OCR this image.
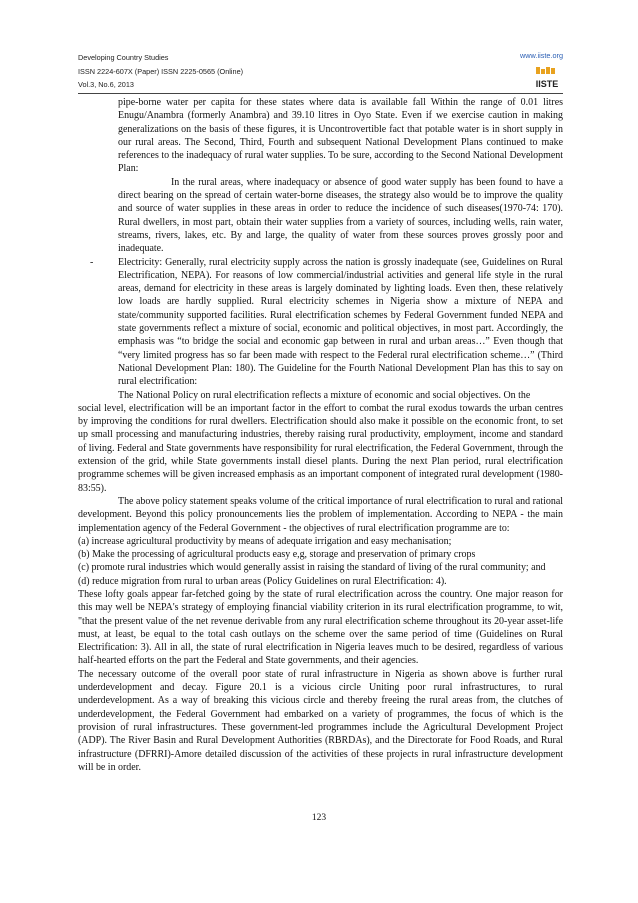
Developing Country Studies
ISSN 2224-607X (Paper) ISSN 2225-0565 (Online)
Vol.3, No.6, 2013
www.iiste.org
IISTE

pipe-borne water per capita for these states where data is available fall Within the range of 0.01 litres Enugu/Anambra (formerly Anambra) and 39.10 litres in Oyo State. Even if we exercise caution in making generalizations on the basis of these figures, it is Uncontrovertible fact that potable water is in short supply in our rural areas. The Second, Third, Fourth and subsequent National Development Plans continued to make references to the inadequacy of rural water supplies. To be sure, according to the Second National Development Plan:

In the rural areas, where inadequacy or absence of good water supply has been found to have a direct bearing on the spread of certain water-borne diseases, the strategy also would be to improve the quality and source of water supplies in these areas in order to reduce the incidence of such diseases(1970-74: 170). Rural dwellers, in most part, obtain their water supplies from a variety of sources, including wells, rain water, streams, rivers, lakes, etc. By and large, the quality of water from these sources proves grossly poor and inadequate.

- Electricity: Generally, rural electricity supply across the nation is grossly inadequate (see, Guidelines on Rural Electrification, NEPA). For reasons of low commercial/industrial activities and general life style in the rural areas, demand for electricity in these areas is largely dominated by lighting loads. Even then, these relatively low loads are hardly supplied. Rural electricity schemes in Nigeria show a mixture of NEPA and state/community supported facilities. Rural electrification schemes by Federal Government funded NEPA and state governments reflect a mixture of social, economic and political objectives, in most part. Accordingly, the emphasis was “to bridge the social and economic gap between in rural and urban areas…” Even though that “very limited progress has so far been made with respect to the Federal rural electrification scheme…” (Third National Development Plan: 180). The Guideline for the Fourth National Development Plan has this to say on rural electrification:

The National Policy on rural electrification reflects a mixture of economic and social objectives. On the

social level, electrification will be an important factor in the effort to combat the rural exodus towards the urban centres by improving the conditions for rural dwellers. Electrification should also make it possible on the economic front, to set up small processing and manufacturing industries, thereby raising rural productivity, employment, income and standard of living. Federal and State governments have responsibility for rural electrification, the Federal Government, through the extension of the grid, while State governments install diesel plants. During the next Plan period, rural electrification programme schemes will be given increased emphasis as an important component of integrated rural development (1980-83:55).

The above policy statement speaks volume of the critical importance of rural electrification to rural and rational development. Beyond this policy pronouncements lies the problem of implementation. According to NEPA - the main implementation agency of the Federal Government - the objectives of rural electrification programme are to:

(a) increase agricultural productivity by means of adequate irrigation and easy mechanisation;

(b) Make the processing of agricultural products easy e,g, storage and preservation of primary crops

(c) promote rural industries which would generally assist in raising the standard of living of the rural community; and

(d) reduce migration from rural to urban areas (Policy Guidelines on rural Electrification: 4).

These lofty goals appear far-fetched going by the state of rural electrification across the country. One major reason for this may well be NEPA's strategy of employing financial viability criterion in its rural electrification programme, to wit, "that the present value of the net revenue derivable from any rural electrification scheme throughout its 20-year asset-life must, at least, be equal to the total cash outlays on the scheme over the same period of time (Guidelines on Rural Electrification: 3). All in all, the state of rural electrification in Nigeria leaves much to be desired, regardless of various half-hearted efforts on the part the Federal and State governments, and their agencies.

The necessary outcome of the overall poor state of rural infrastructure in Nigeria as shown above is further rural underdevelopment and decay. Figure 20.1 is a vicious circle Uniting poor rural infrastructures, to rural underdevelopment. As a way of breaking this vicious circle and thereby freeing the rural areas from, the clutches of underdevelopment, the Federal Government had embarked on a variety of programmes, the focus of which is the provision of rural infrastructures. These government-led programmes include the Agricultural Development Project (ADP). The River Basin and Rural Development Authorities (RBRDAs), and the Directorate for Food Roads, and Rural infrastructure (DFRRI)-Amore detailed discussion of the activities of these projects in rural infrastructure development will be in order.

123
